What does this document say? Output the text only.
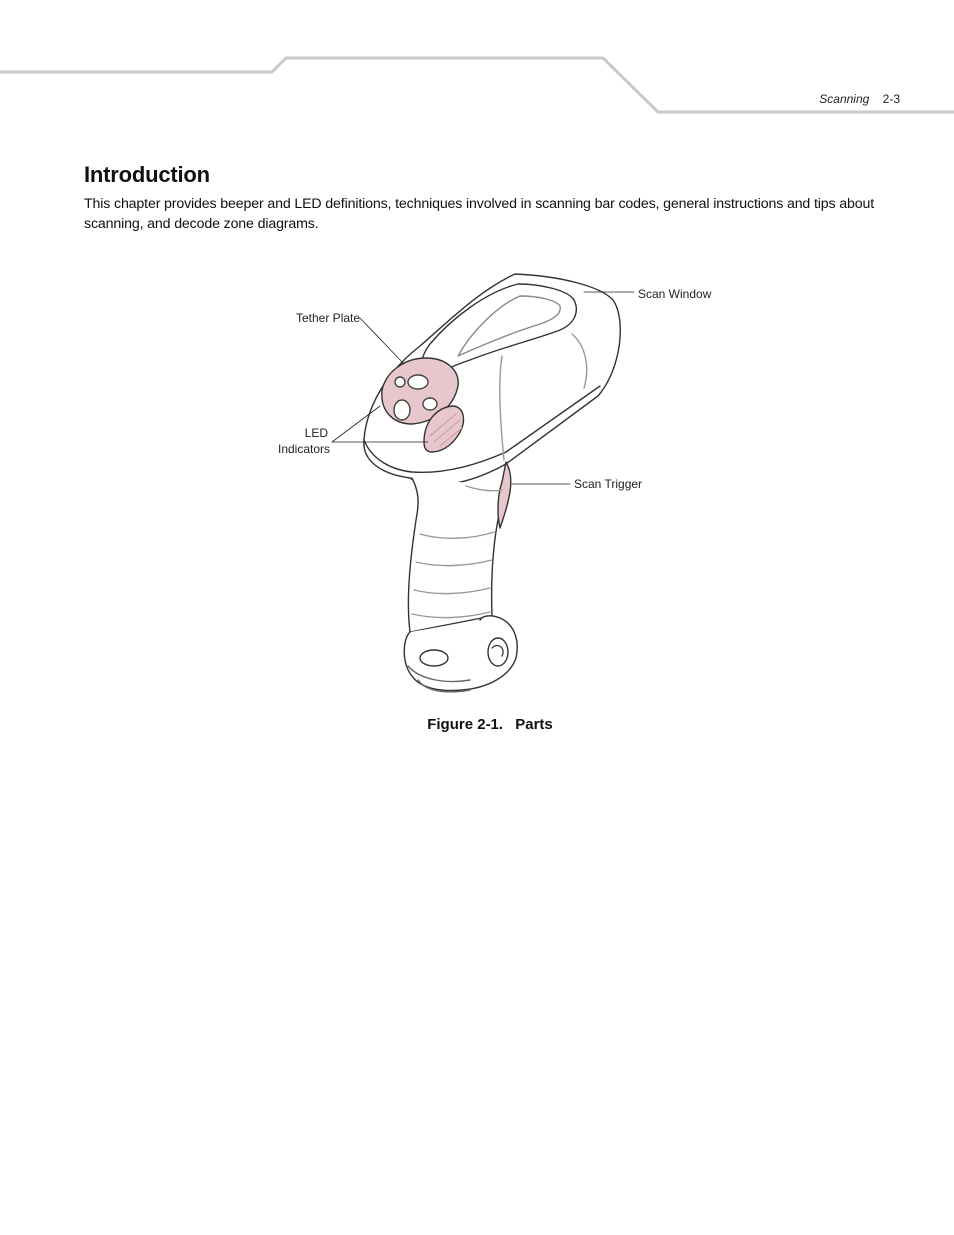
Scanning 2-3
Introduction

This chapter provides beeper and LED definitions, techniques involved in scanning bar codes, general instructions and tips about scanning, and decode zone diagrams.

Scan Window
Tether Plate
LED
Indicators
Scan Trigger

Figure 2-1. Parts
